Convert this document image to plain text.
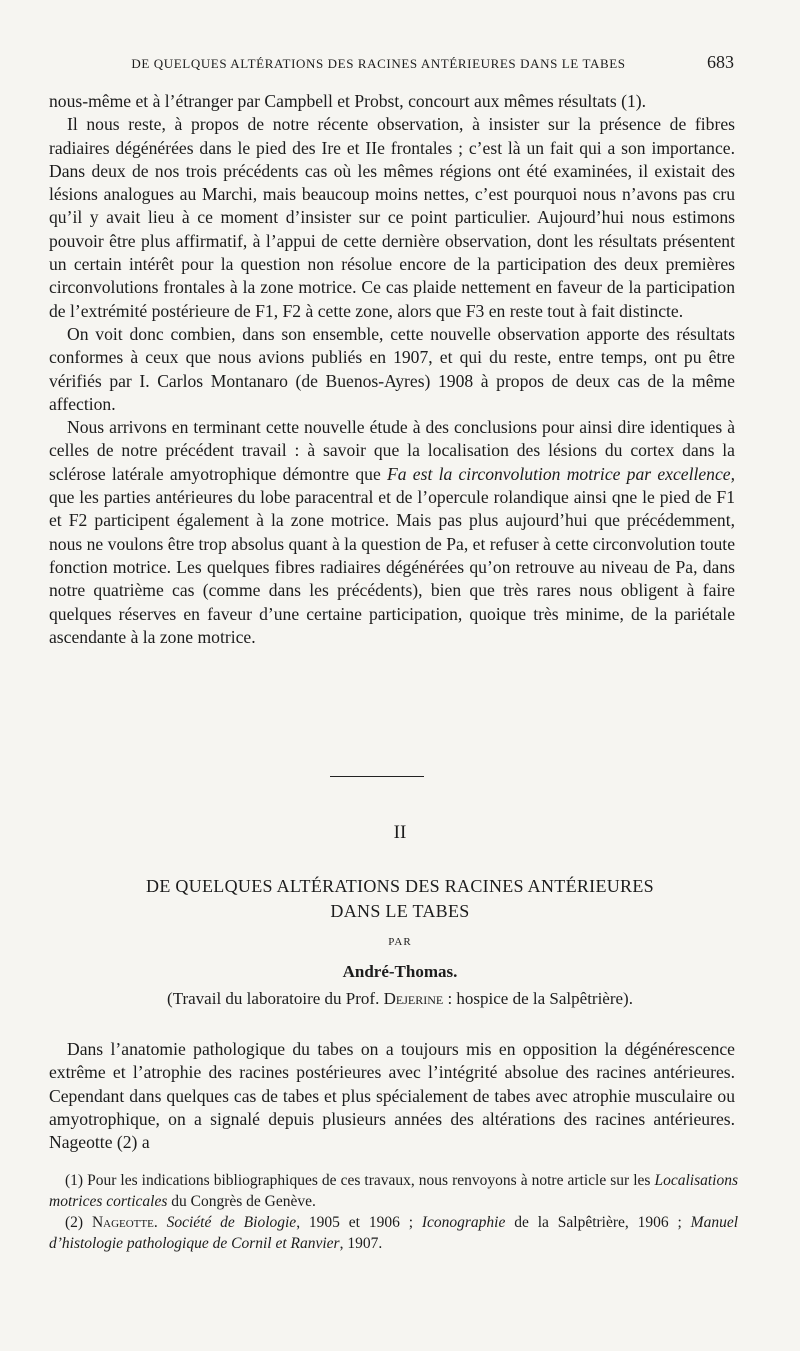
DE QUELQUES ALTÉRATIONS DES RACINES ANTÉRIEURES DANS LE TABES	683

nous-même et à l’étranger par Campbell et Probst, concourt aux mêmes résultats (1).

Il nous reste, à propos de notre récente observation, à insister sur la présence de fibres radiaires dégénérées dans le pied des Ire et IIe frontales ; c’est là un fait qui a son importance. Dans deux de nos trois précédents cas où les mêmes régions ont été examinées, il existait des lésions analogues au Marchi, mais beaucoup moins nettes, c’est pourquoi nous n’avons pas cru qu’il y avait lieu à ce moment d’insister sur ce point particulier. Aujourd’hui nous estimons pouvoir être plus affirmatif, à l’appui de cette dernière observation, dont les résultats présentent un certain intérêt pour la question non résolue encore de la participation des deux premières circonvolutions frontales à la zone motrice. Ce cas plaide nettement en faveur de la participation de l’extrémité postérieure de F1, F2 à cette zone, alors que F3 en reste tout à fait distincte.

On voit donc combien, dans son ensemble, cette nouvelle observation apporte des résultats conformes à ceux que nous avions publiés en 1907, et qui du reste, entre temps, ont pu être vérifiés par I. Carlos Montanaro (de Buenos-Ayres) 1908 à propos de deux cas de la même affection.

Nous arrivons en terminant cette nouvelle étude à des conclusions pour ainsi dire identiques à celles de notre précédent travail : à savoir que la localisation des lésions du cortex dans la sclérose latérale amyotrophique démontre que Fa est la circonvolution motrice par excellence, que les parties antérieures du lobe paracentral et de l’opercule rolandique ainsi qne le pied de F1 et F2 participent également à la zone motrice. Mais pas plus aujourd’hui que précédemment, nous ne voulons être trop absolus quant à la question de Pa, et refuser à cette circonvolution toute fonction motrice. Les quelques fibres radiaires dégénérées qu’on retrouve au niveau de Pa, dans notre quatrième cas (comme dans les précédents), bien que très rares nous obligent à faire quelques réserves en faveur d’une certaine participation, quoique très minime, de la pariétale ascendante à la zone motrice.

II
DE QUELQUES ALTÉRATIONS DES RACINES ANTÉRIEURES
DANS LE TABES
PAR
André-Thomas.
(Travail du laboratoire du Prof. Dejerine : hospice de la Salpêtrière).

Dans l’anatomie pathologique du tabes on a toujours mis en opposition la dégénérescence extrême et l’atrophie des racines postérieures avec l’intégrité absolue des racines antérieures. Cependant dans quelques cas de tabes et plus spécialement de tabes avec atrophie musculaire ou amyotrophique, on a signalé depuis plusieurs années des altérations des racines antérieures. Nageotte (2) a

(1) Pour les indications bibliographiques de ces travaux, nous renvoyons à notre article sur les Localisations motrices corticales du Congrès de Genève.

(2) Nageotte. Société de Biologie, 1905 et 1906 ; Iconographie de la Salpêtrière, 1906 ; Manuel d’histologie pathologique de Cornil et Ranvier, 1907.
